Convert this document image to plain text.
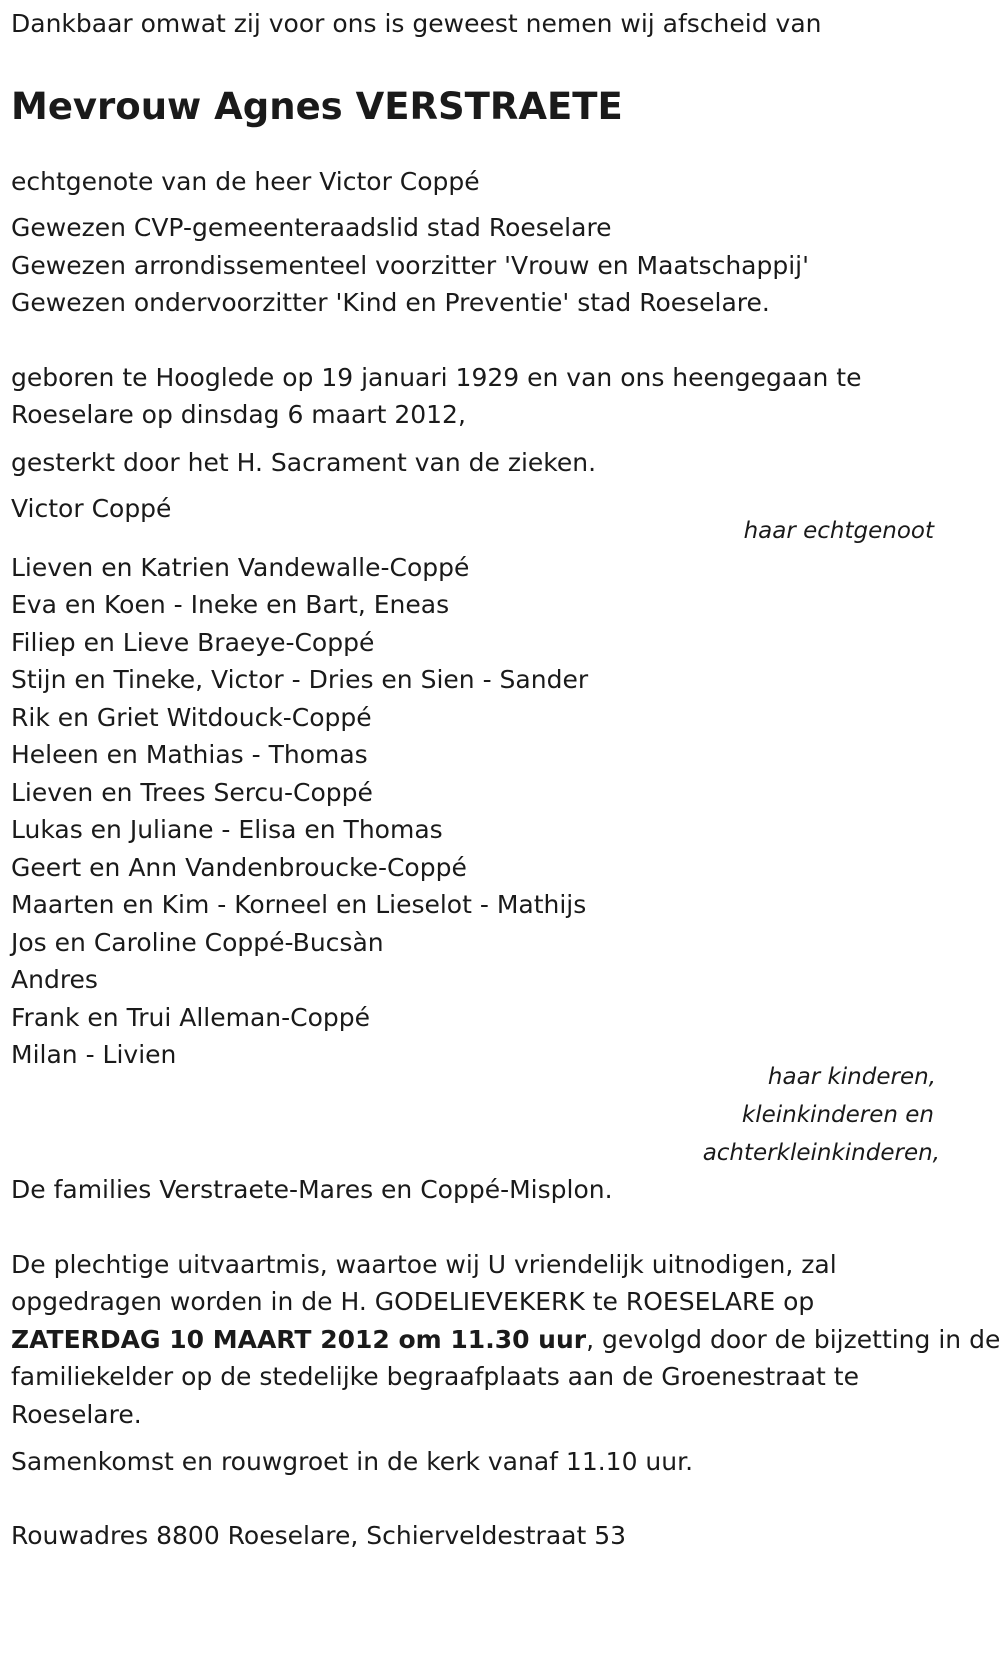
Dankbaar omwat zij voor ons is geweest nemen wij afscheid van

Mevrouw Agnes VERSTRAETE

echtgenote van de heer Victor Coppé

Gewezen CVP-gemeenteraadslid stad Roeselare

Gewezen arrondissementeel voorzitter 'Vrouw en Maatschappij'

Gewezen ondervoorzitter 'Kind en Preventie' stad Roeselare.

geboren te Hooglede op 19 januari 1929 en van ons heengegaan te

Roeselare op dinsdag 6 maart 2012,

gesterkt door het H. Sacrament van de zieken.

Victor Coppé

haar echtgenoot

Lieven en Katrien Vandewalle-Coppé

Eva en Koen - Ineke en Bart, Eneas

Filiep en Lieve Braeye-Coppé

Stijn en Tineke, Victor - Dries en Sien - Sander

Rik en Griet Witdouck-Coppé

Heleen en Mathias - Thomas

Lieven en Trees Sercu-Coppé

Lukas en Juliane - Elisa en Thomas

Geert en Ann Vandenbroucke-Coppé

Maarten en Kim - Korneel en Lieselot - Mathijs

Jos en Caroline Coppé-Bucsàn

Andres

Frank en Trui Alleman-Coppé

Milan - Livien

haar kinderen,

kleinkinderen en

achterkleinkinderen,

De families Verstraete-Mares en Coppé-Misplon.

De plechtige uitvaartmis, waartoe wij U vriendelijk uitnodigen, zal

opgedragen worden in de H. GODELIEVEKERK te ROESELARE op

ZATERDAG 10 MAART 2012 om 11.30 uur, gevolgd door de bijzetting in de

familiekelder op de stedelijke begraafplaats aan de Groenestraat te

Roeselare.

Samenkomst en rouwgroet in de kerk vanaf 11.10 uur.

Rouwadres 8800 Roeselare, Schierveldestraat 53
